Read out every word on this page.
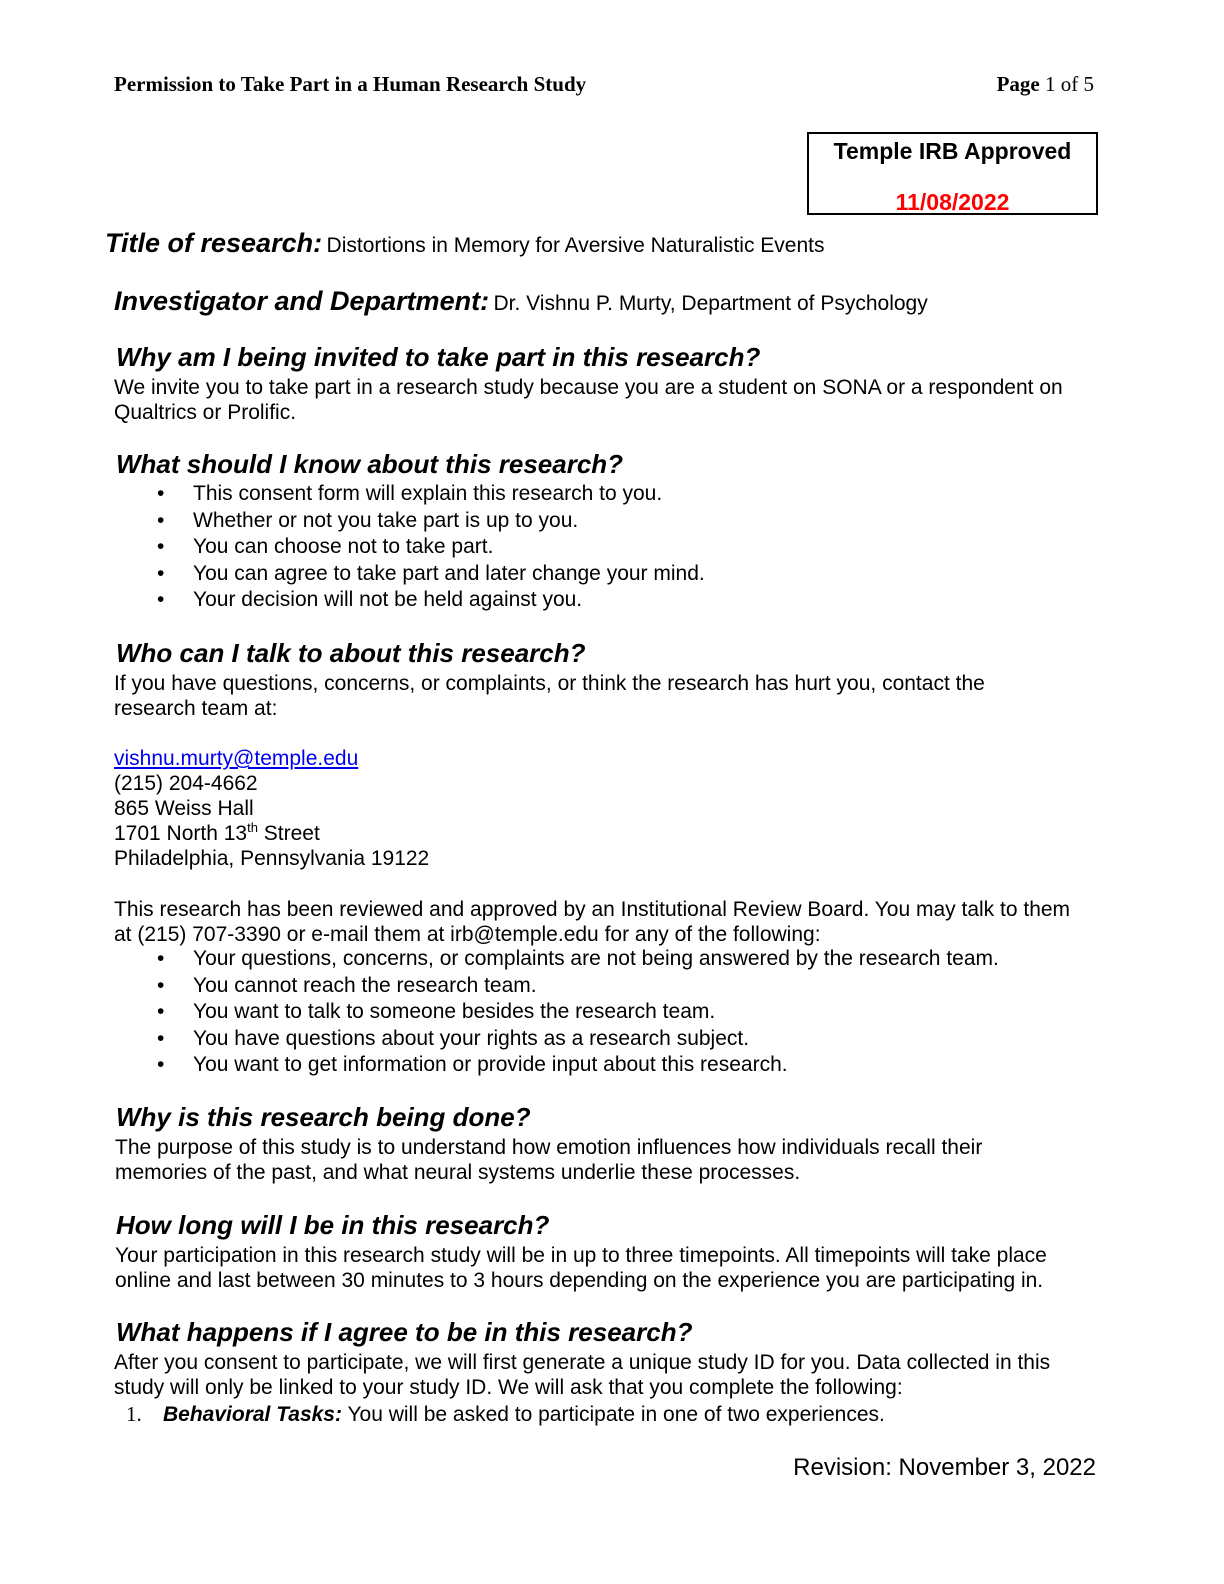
Permission to Take Part in a Human Research Study	Page 1 of 5
Temple IRB Approved
11/08/2022
Title of research: Distortions in Memory for Aversive Naturalistic Events
Investigator and Department: Dr. Vishnu P. Murty, Department of Psychology
Why am I being invited to take part in this research?
We invite you to take part in a research study because you are a student on SONA or a respondent on Qualtrics or Prolific.
What should I know about this research?
• This consent form will explain this research to you.
• Whether or not you take part is up to you.
• You can choose not to take part.
• You can agree to take part and later change your mind.
• Your decision will not be held against you.
Who can I talk to about this research?
If you have questions, concerns, or complaints, or think the research has hurt you, contact the research team at:
vishnu.murty@temple.edu
(215) 204-4662
865 Weiss Hall
1701 North 13th Street
Philadelphia, Pennsylvania 19122
This research has been reviewed and approved by an Institutional Review Board. You may talk to them at (215) 707-3390 or e-mail them at irb@temple.edu for any of the following:
• Your questions, concerns, or complaints are not being answered by the research team.
• You cannot reach the research team.
• You want to talk to someone besides the research team.
• You have questions about your rights as a research subject.
• You want to get information or provide input about this research.
Why is this research being done?
The purpose of this study is to understand how emotion influences how individuals recall their memories of the past, and what neural systems underlie these processes.
How long will I be in this research?
Your participation in this research study will be in up to three timepoints. All timepoints will take place online and last between 30 minutes to 3 hours depending on the experience you are participating in.
What happens if I agree to be in this research?
After you consent to participate, we will first generate a unique study ID for you. Data collected in this study will only be linked to your study ID. We will ask that you complete the following:
1. Behavioral Tasks: You will be asked to participate in one of two experiences.
Revision: November 3, 2022
